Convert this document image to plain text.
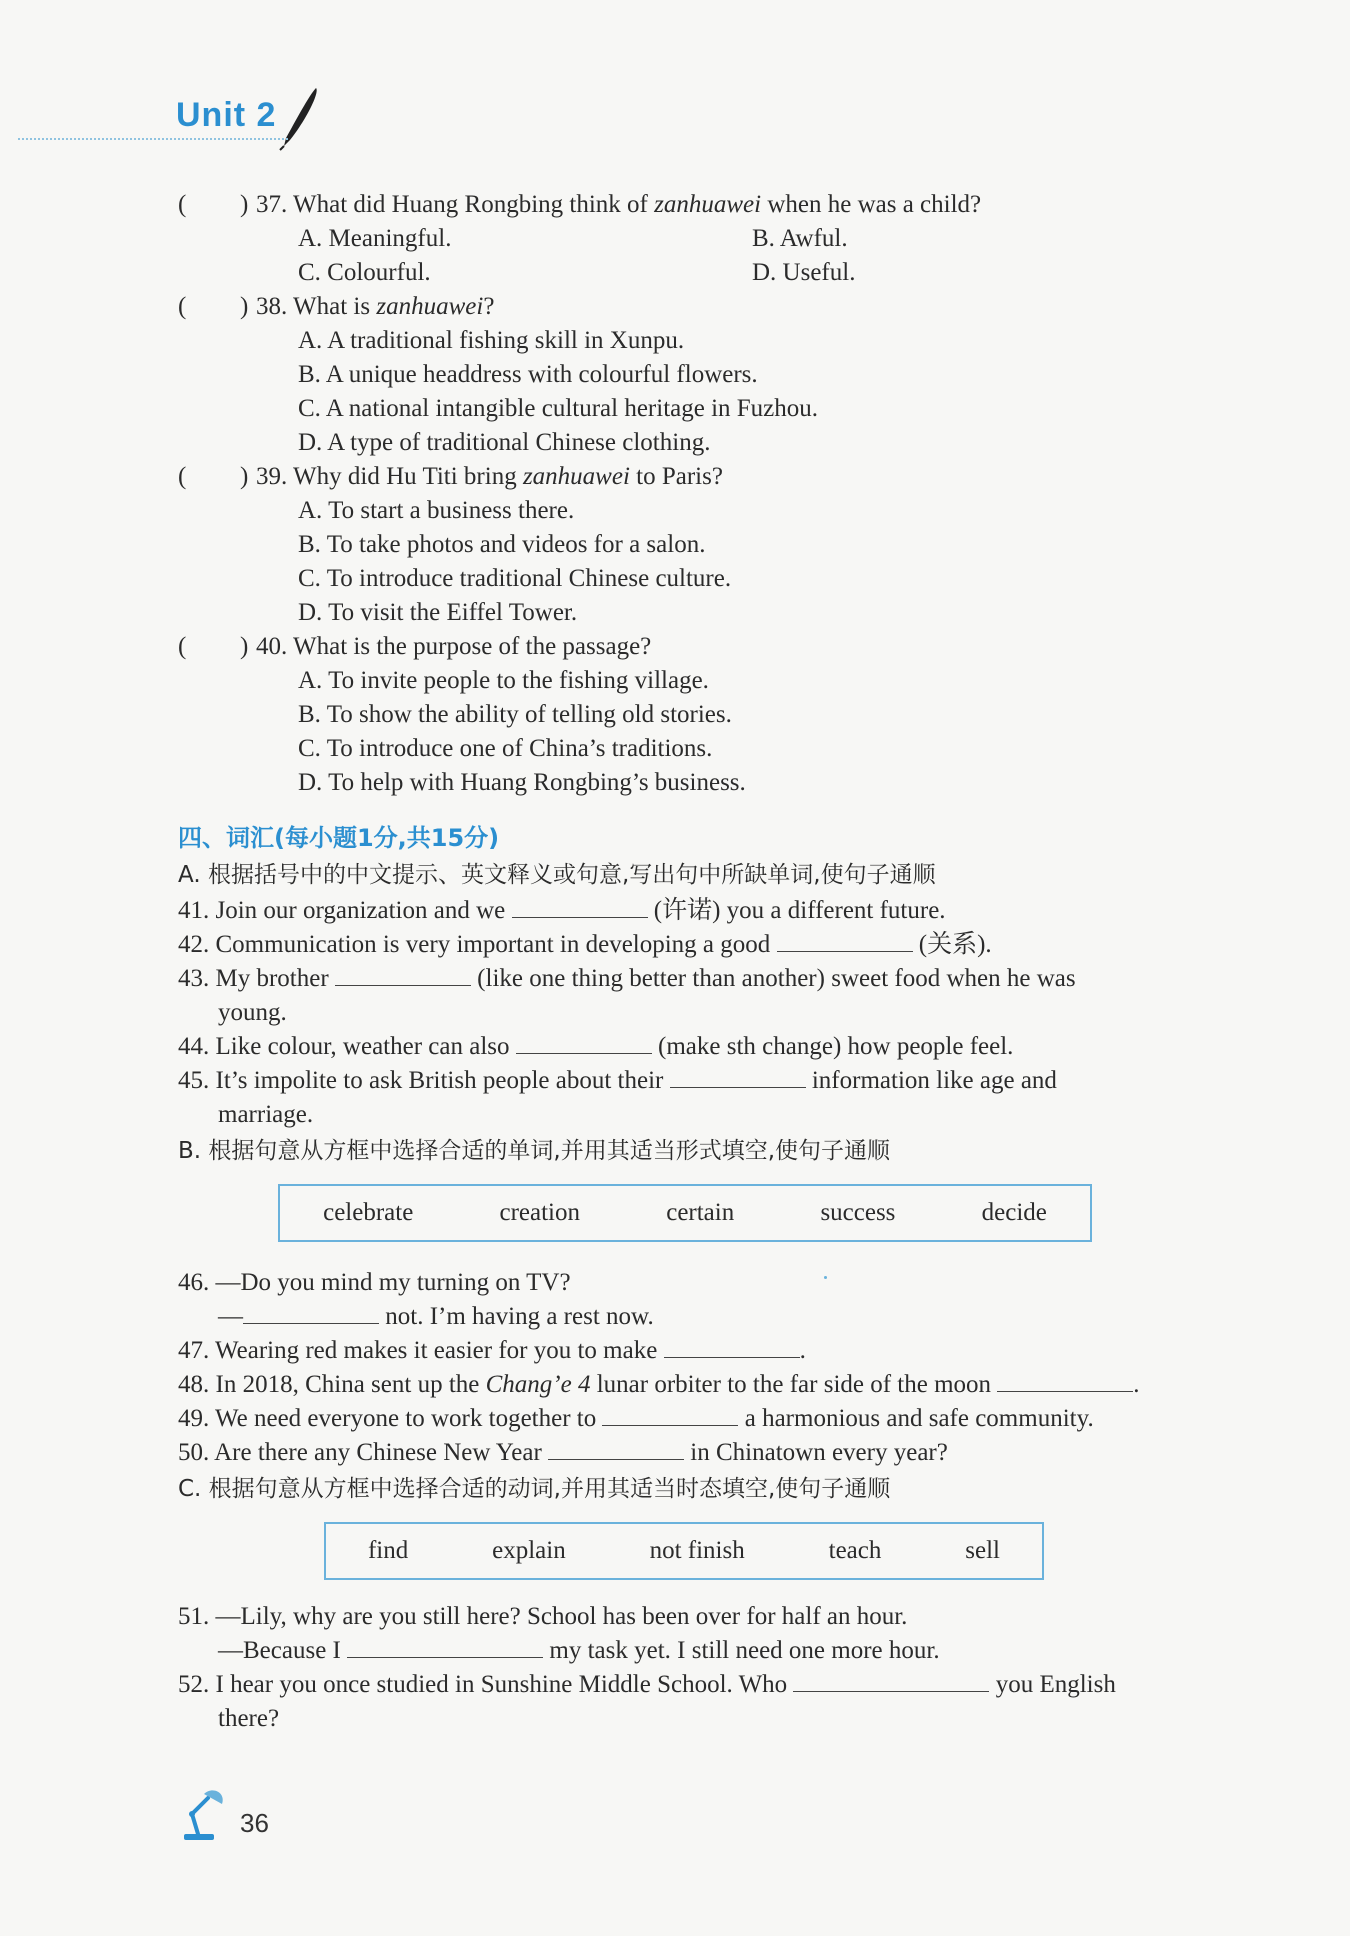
Unit 2
( ) 37. What did Huang Rongbing think of zanhuawei when he was a child?
A. Meaningful.	B. Awful.
C. Colourful.	D. Useful.
( ) 38. What is zanhuawei?
A. A traditional fishing skill in Xunpu.
B. A unique headdress with colourful flowers.
C. A national intangible cultural heritage in Fuzhou.
D. A type of traditional Chinese clothing.
( ) 39. Why did Hu Titi bring zanhuawei to Paris?
A. To start a business there.
B. To take photos and videos for a salon.
C. To introduce traditional Chinese culture.
D. To visit the Eiffel Tower.
( ) 40. What is the purpose of the passage?
A. To invite people to the fishing village.
B. To show the ability of telling old stories.
C. To introduce one of China’s traditions.
D. To help with Huang Rongbing’s business.
四、词汇(每小题1分,共15分)
A. 根据括号中的中文提示、英文释义或句意,写出句中所缺单词,使句子通顺
41. Join our organization and we	(许诺) you a different future.
42. Communication is very important in developing a good	(关系).
43. My brother	(like one thing better than another) sweet food when he was
young.
44. Like colour, weather can also	(make sth change) how people feel.
45. It’s impolite to ask British people about their	information like age and
marriage.
B. 根据句意从方框中选择合适的单词,并用其适当形式填空,使句子通顺
celebrate	creation	certain	success	decide
46. —Do you mind my turning on TV?
—	not. I’m having a rest now.
47. Wearing red makes it easier for you to make	.
48. In 2018, China sent up the Chang’e 4 lunar orbiter to the far side of the moon	.
49. We need everyone to work together to	a harmonious and safe community.
50. Are there any Chinese New Year	in Chinatown every year?
C. 根据句意从方框中选择合适的动词,并用其适当时态填空,使句子通顺
find	explain	not finish	teach	sell
51. —Lily, why are you still here? School has been over for half an hour.
—Because I	my task yet. I still need one more hour.
52. I hear you once studied in Sunshine Middle School. Who	you English
there?
36
